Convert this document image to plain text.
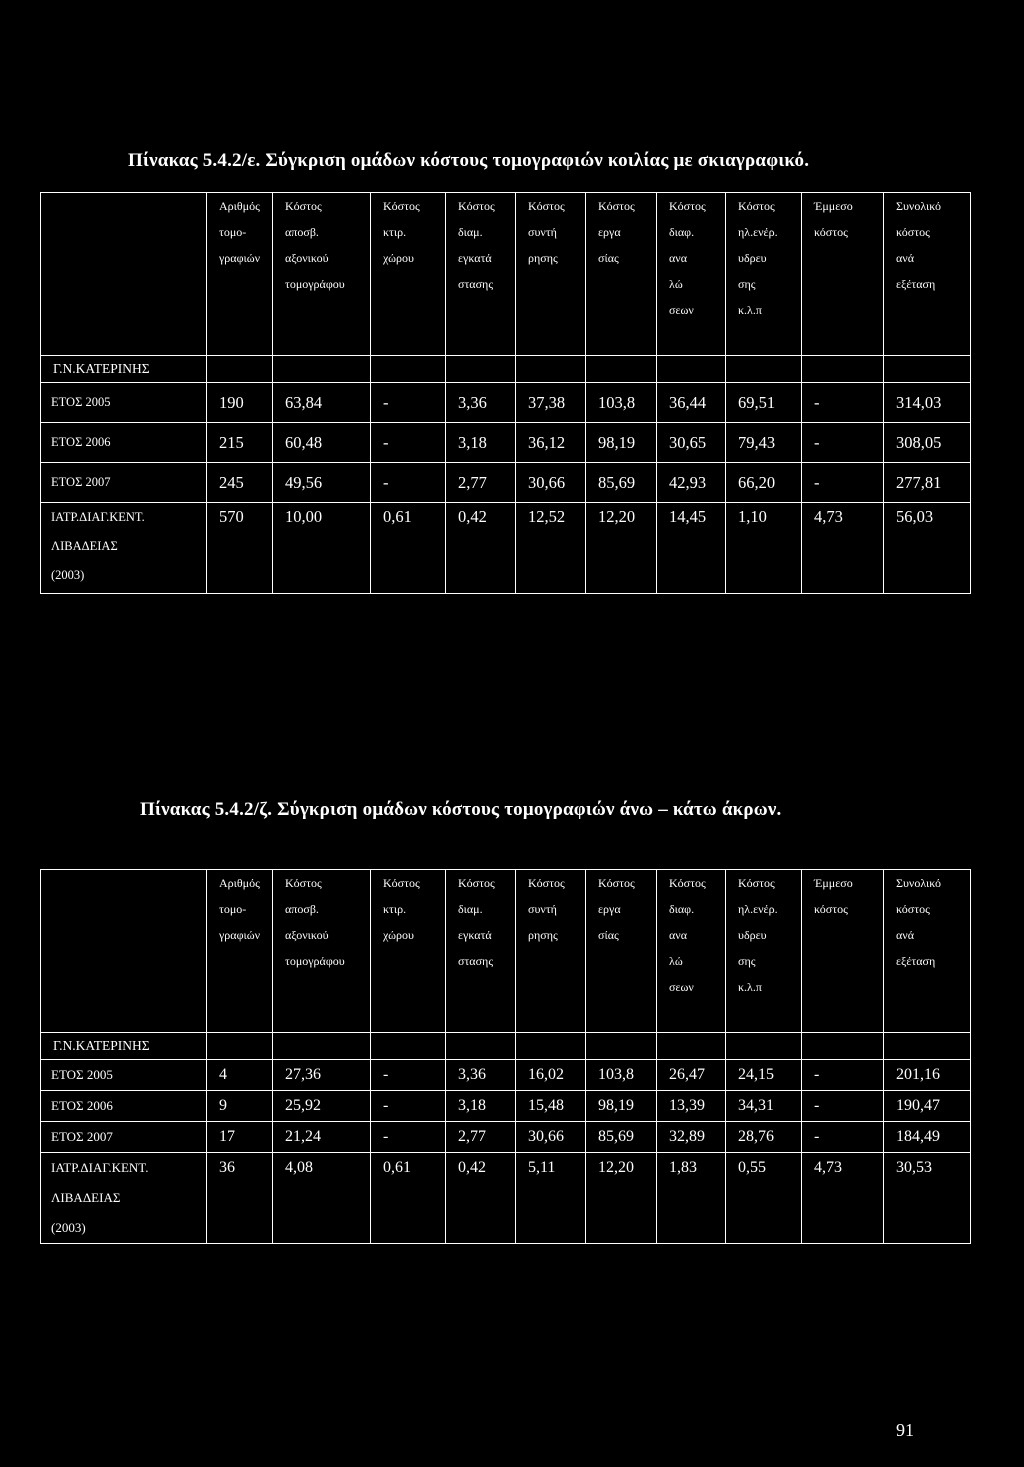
Πίνακας 5.4.2/ε. Σύγκριση ομάδων κόστους τομογραφιών κοιλίας με σκιαγραφικό.

	Αριθμός
τομο-
γραφιών	Κόστος
αποσβ.
αξονικού
τομογράφου	Κόστος
κτιρ.
χώρου	Κόστος
διαμ.
εγκατά
στασης	Κόστος
συντή
ρησης	Κόστος
εργα
σίας	Κόστος
διαφ.
ανα
λώ
σεων	Κόστος
ηλ.ενέρ.
υδρευ
σης
κ.λ.π	Έμμεσο
κόστος	Συνολικό
κόστος
ανά
εξέταση

Γ.Ν.ΚΑΤΕΡΙΝΗΣ										
ΕΤΟΣ 2005	190	63,84	-	3,36	37,38	103,8	36,44	69,51	-	314,03
ΕΤΟΣ 2006	215	60,48	-	3,18	36,12	98,19	30,65	79,43	-	308,05
ΕΤΟΣ 2007	245	49,56	-	2,77	30,66	85,69	42,93	66,20	-	277,81

ΙΑΤΡ.ΔΙΑΓ.ΚΕΝΤ.
ΛΙΒΑΔΕΙΑΣ
(2003)	570	10,00	0,61	0,42	12,52	12,20	14,45	1,10	4,73	56,03
Πίνακας 5.4.2/ζ. Σύγκριση ομάδων κόστους τομογραφιών άνω – κάτω άκρων.

	Αριθμός
τομο-
γραφιών	Κόστος
αποσβ.
αξονικού
τομογράφου	Κόστος
κτιρ.
χώρου	Κόστος
διαμ.
εγκατά
στασης	Κόστος
συντή
ρησης	Κόστος
εργα
σίας	Κόστος
διαφ.
ανα
λώ
σεων	Κόστος
ηλ.ενέρ.
υδρευ
σης
κ.λ.π	Έμμεσο
κόστος	Συνολικό
κόστος
ανά
εξέταση

Γ.Ν.ΚΑΤΕΡΙΝΗΣ										
ΕΤΟΣ 2005	4	27,36	-	3,36	16,02	103,8	26,47	24,15	-	201,16
ΕΤΟΣ 2006	9	25,92	-	3,18	15,48	98,19	13,39	34,31	-	190,47
ΕΤΟΣ 2007	17	21,24	-	2,77	30,66	85,69	32,89	28,76	-	184,49

ΙΑΤΡ.ΔΙΑΓ.ΚΕΝΤ.
ΛΙΒΑΔΕΙΑΣ
(2003)	36	4,08	0,61	0,42	5,11	12,20	1,83	0,55	4,73	30,53
91
